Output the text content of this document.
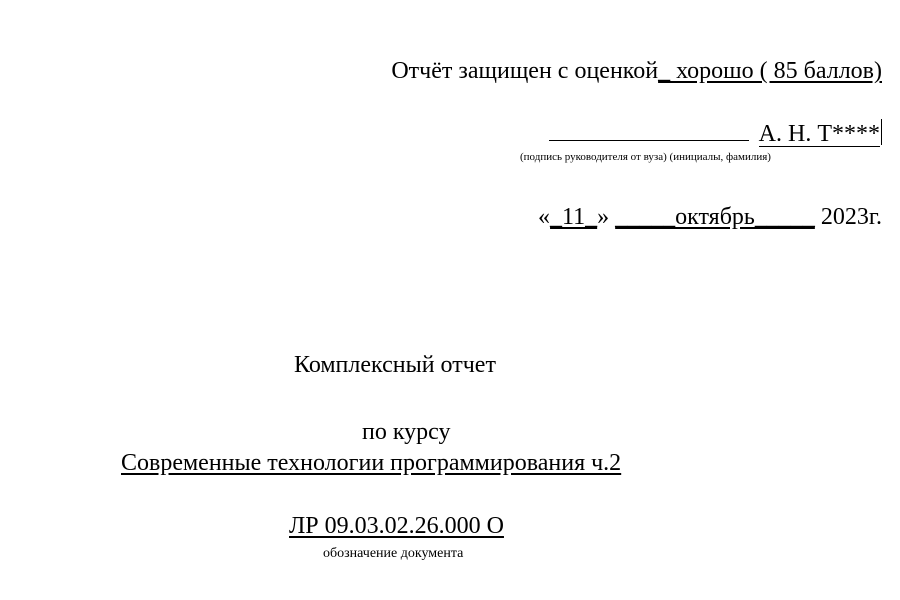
Отчёт защищен с оценкой_ хорошо ( 85 баллов)
А. Н. Т****
(подпись руководителя от вуза) (инициалы, фамилия)
«_11_» _____октябрь_____ 2023г.
Комплексный отчет
по курсу
Современные технологии программирования ч.2
ЛР 09.03.02.26.000 О
обозначение документа
